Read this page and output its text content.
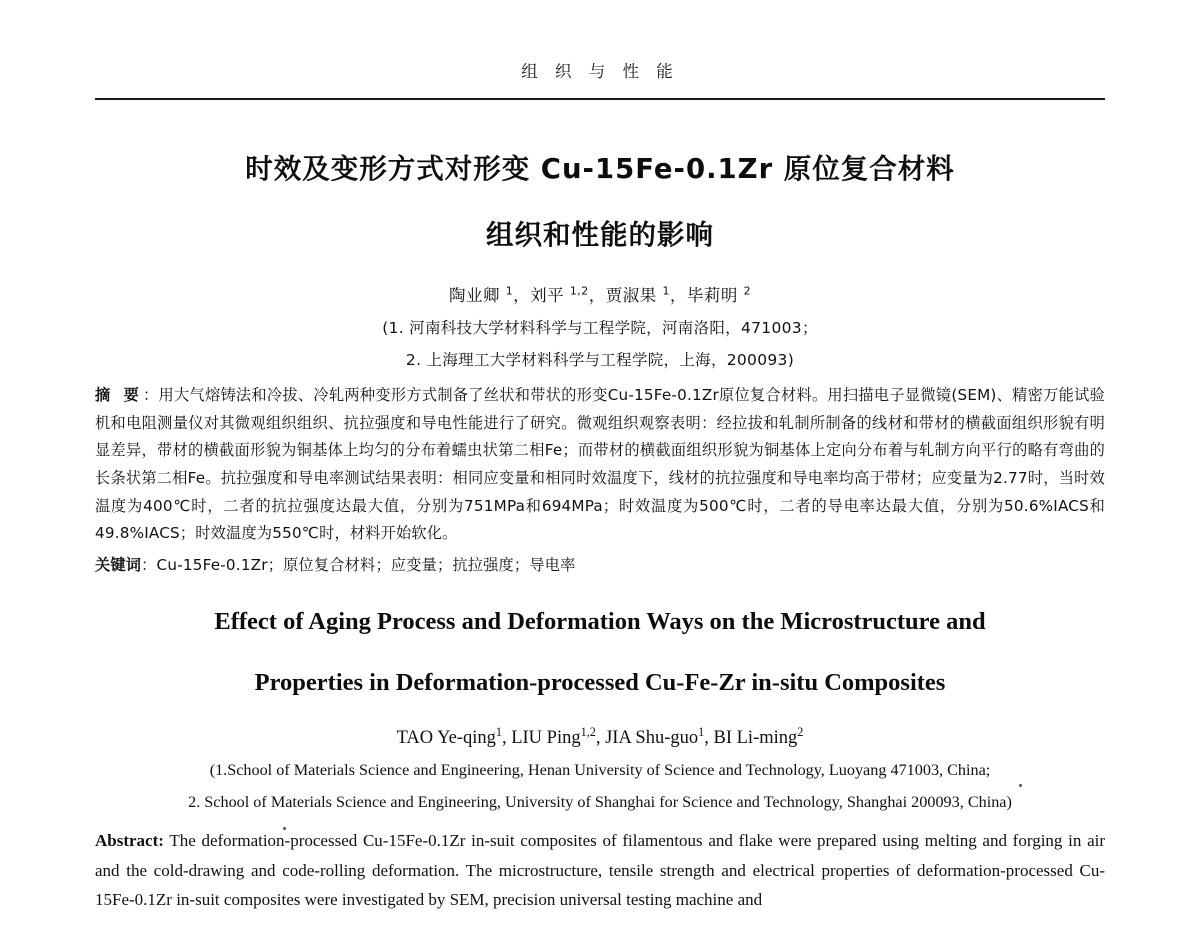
组 织 与 性 能
时效及变形方式对形变 Cu-15Fe-0.1Zr 原位复合材料
组织和性能的影响
陶业卿 $^1$，刘平 $^{1,2}$，贾淑果 $^1$，毕莉明 $^2$
(1. 河南科技大学材料科学与工程学院，河南洛阳，471003；
2. 上海理工大学材料科学与工程学院，上海，200093)
摘 要：用大气熔铸法和冷拔、冷轧两种变形方式制备了丝状和带状的形变Cu-15Fe-0.1Zr原位复合材料。用扫描电子显微镜(SEM)、精密万能试验机和电阻测量仪对其微观组织组织、抗拉强度和导电性能进行了研究。微观组织观察表明：经拉拔和轧制所制备的线材和带材的横截面组织形貌有明显差异，带材的横截面形貌为铜基体上均匀的分布着蠕虫状第二相Fe；而带材的横截面组织形貌为铜基体上定向分布着与轧制方向平行的略有弯曲的长条状第二相Fe。抗拉强度和导电率测试结果表明：相同应变量和相同时效温度下，线材的抗拉强度和导电率均高于带材；应变量为2.77时，当时效温度为400℃时，二者的抗拉强度达最大值，分别为751MPa和694MPa；时效温度为500℃时，二者的导电率达最大值，分别为50.6%IACS和49.8%IACS；时效温度为550℃时，材料开始软化。
关键词：Cu-15Fe-0.1Zr；原位复合材料；应变量；抗拉强度；导电率
Effect of Aging Process and Deformation Ways on the Microstructure and
Properties in Deformation-processed Cu-Fe-Zr in-situ Composites
TAO Ye-qing$^1$, LIU Ping$^{1,2}$, JIA Shu-guo$^1$, BI Li-ming$^2$
(1.School of Materials Science and Engineering, Henan University of Science and Technology, Luoyang 471003, China;
2. School of Materials Science and Engineering, University of Shanghai for Science and Technology, Shanghai 200093, China)
Abstract: The deformation-processed Cu-15Fe-0.1Zr in-suit composites of filamentous and flake were prepared using melting and forging in air and the cold-drawing and code-rolling deformation. The microstructure, tensile strength and electrical properties of deformation-processed Cu-15Fe-0.1Zr in-suit composites were investigated by SEM, precision universal testing machine and
